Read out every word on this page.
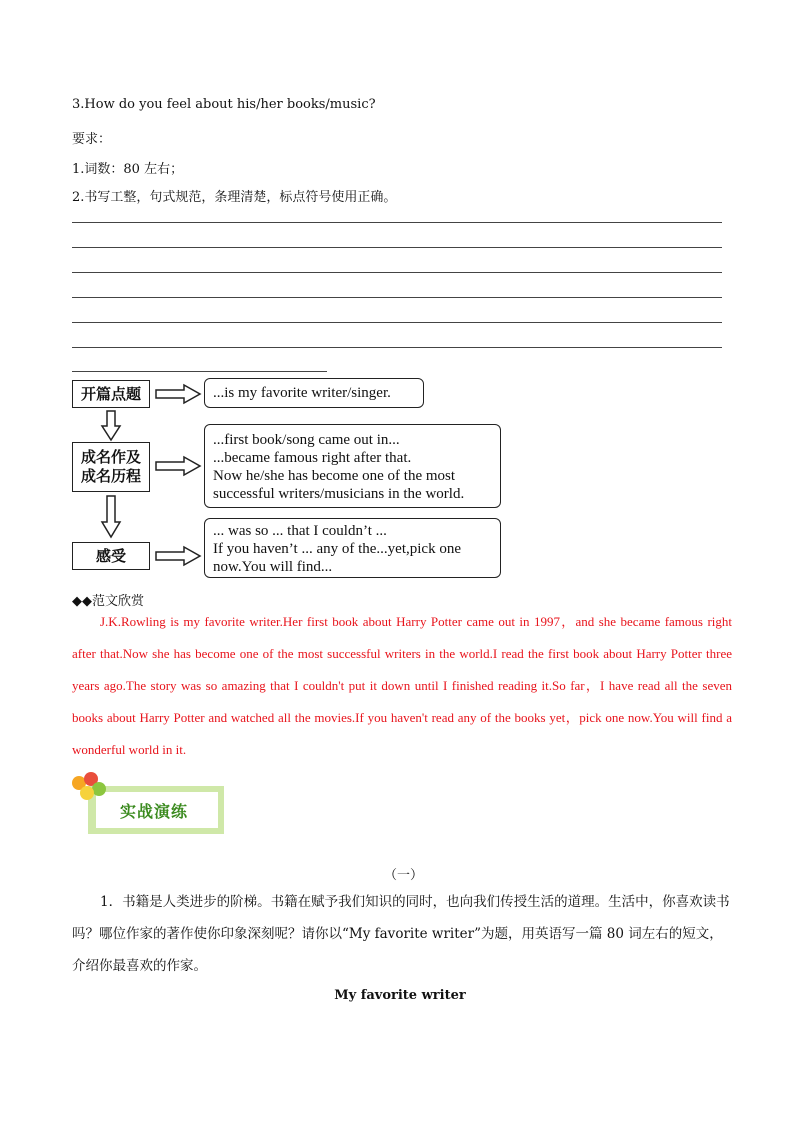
3.How do you feel about his/her books/music?
要求：
1.词数：80 左右；
2.书写工整，句式规范，条理清楚，标点符号使用正确。
开篇点题
成名作及
成名历程
感受
...is my favorite writer/singer.
...first book/song came out in...
...became famous right after that.
Now he/she has become one of the most
successful writers/musicians in the world.
... was so ... that I couldn’t ...
If you haven’t ... any of the...yet,pick one
now.You will find...
◆◆范文欣赏
J.K.Rowling is my favorite writer.Her first book about Harry Potter came out in 1997，and she became famous right after that.Now she has become one of the most successful writers in the world.I read the first book about Harry Potter three years ago.The story was so amazing that I couldn't put it down until I finished reading it.So far，I have read all the seven books about Harry Potter and watched all the movies.If you haven't read any of the books yet，pick one now.You will find a wonderful world in it.
实战演练
（一）
1．书籍是人类进步的阶梯。书籍在赋予我们知识的同时，也向我们传授生活的道理。生活中，你喜欢读书吗？哪位作家的著作使你印象深刻呢？请你以“My favorite writer”为题，用英语写一篇 80 词左右的短文，介绍你最喜欢的作家。
My favorite writer
